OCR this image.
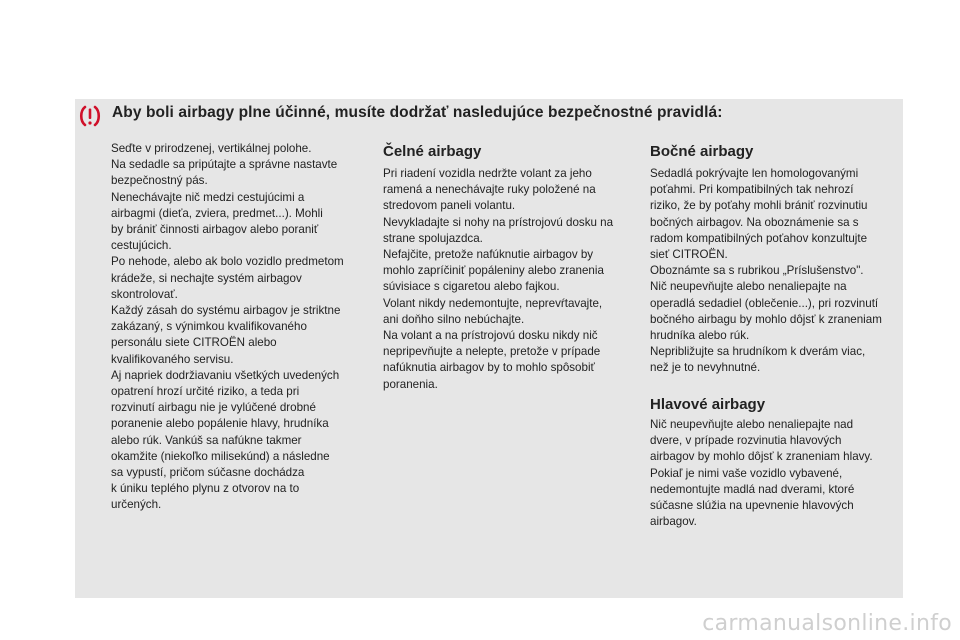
Aby boli airbagy plne účinné, musíte dodržať nasledujúce bezpečnostné pravidlá:
Seďte v prirodzenej, vertikálnej polohe.
Na sedadle sa pripútajte a správne nastavte
bezpečnostný pás.
Nenechávajte nič medzi cestujúcimi a
airbagmi (dieťa, zviera, predmet...). Mohli
by brániť činnosti airbagov alebo poraniť
cestujúcich.
Po nehode, alebo ak bolo vozidlo predmetom
krádeže, si nechajte systém airbagov
skontrolovať.
Každý zásah do systému airbagov je striktne
zakázaný, s výnimkou kvalifikovaného
personálu siete CITROËN alebo
kvalifikovaného servisu.
Aj napriek dodržiavaniu všetkých uvedených
opatrení hrozí určité riziko, a teda pri
rozvinutí airbagu nie je vylúčené drobné
poranenie alebo popálenie hlavy, hrudníka
alebo rúk. Vankúš sa nafúkne takmer
okamžite (niekoľko milisekúnd) a následne
sa vypustí, pričom súčasne dochádza
k úniku teplého plynu z otvorov na to
určených.
Čelné airbagy
Pri riadení vozidla nedržte volant za jeho
ramená a nenechávajte ruky položené na
stredovom paneli volantu.
Nevykladajte si nohy na prístrojovú dosku na
strane spolujazdca.
Nefajčite, pretože nafúknutie airbagov by
mohlo zapríčiniť popáleniny alebo zranenia
súvisiace s cigaretou alebo fajkou.
Volant nikdy nedemontujte, neprevŕtavajte,
ani doňho silno nebúchajte.
Na volant a na prístrojovú dosku nikdy nič
nepripevňujte a nelepte, pretože v prípade
nafúknutia airbagov by to mohlo spôsobiť
poranenia.
Bočné airbagy
Sedadlá pokrývajte len homologovanými
poťahmi. Pri kompatibilných tak nehrozí
riziko, že by poťahy mohli brániť rozvinutiu
bočných airbagov. Na oboznámenie sa s
radom kompatibilných poťahov konzultujte
sieť CITROËN.
Oboznámte sa s rubrikou „Príslušenstvo".
Nič neupevňujte alebo nenaliepajte na
operadlá sedadiel (oblečenie...), pri rozvinutí
bočného airbagu by mohlo dôjsť k zraneniam
hrudníka alebo rúk.
Nepribližujte sa hrudníkom k dverám viac,
než je to nevyhnutné.
Hlavové airbagy
Nič neupevňujte alebo nenaliepajte nad
dvere, v prípade rozvinutia hlavových
airbagov by mohlo dôjsť k zraneniam hlavy.
Pokiaľ je nimi vaše vozidlo vybavené,
nedemontujte madlá nad dverami, ktoré
súčasne slúžia na upevnenie hlavových
airbagov.
carmanualsonline.info
